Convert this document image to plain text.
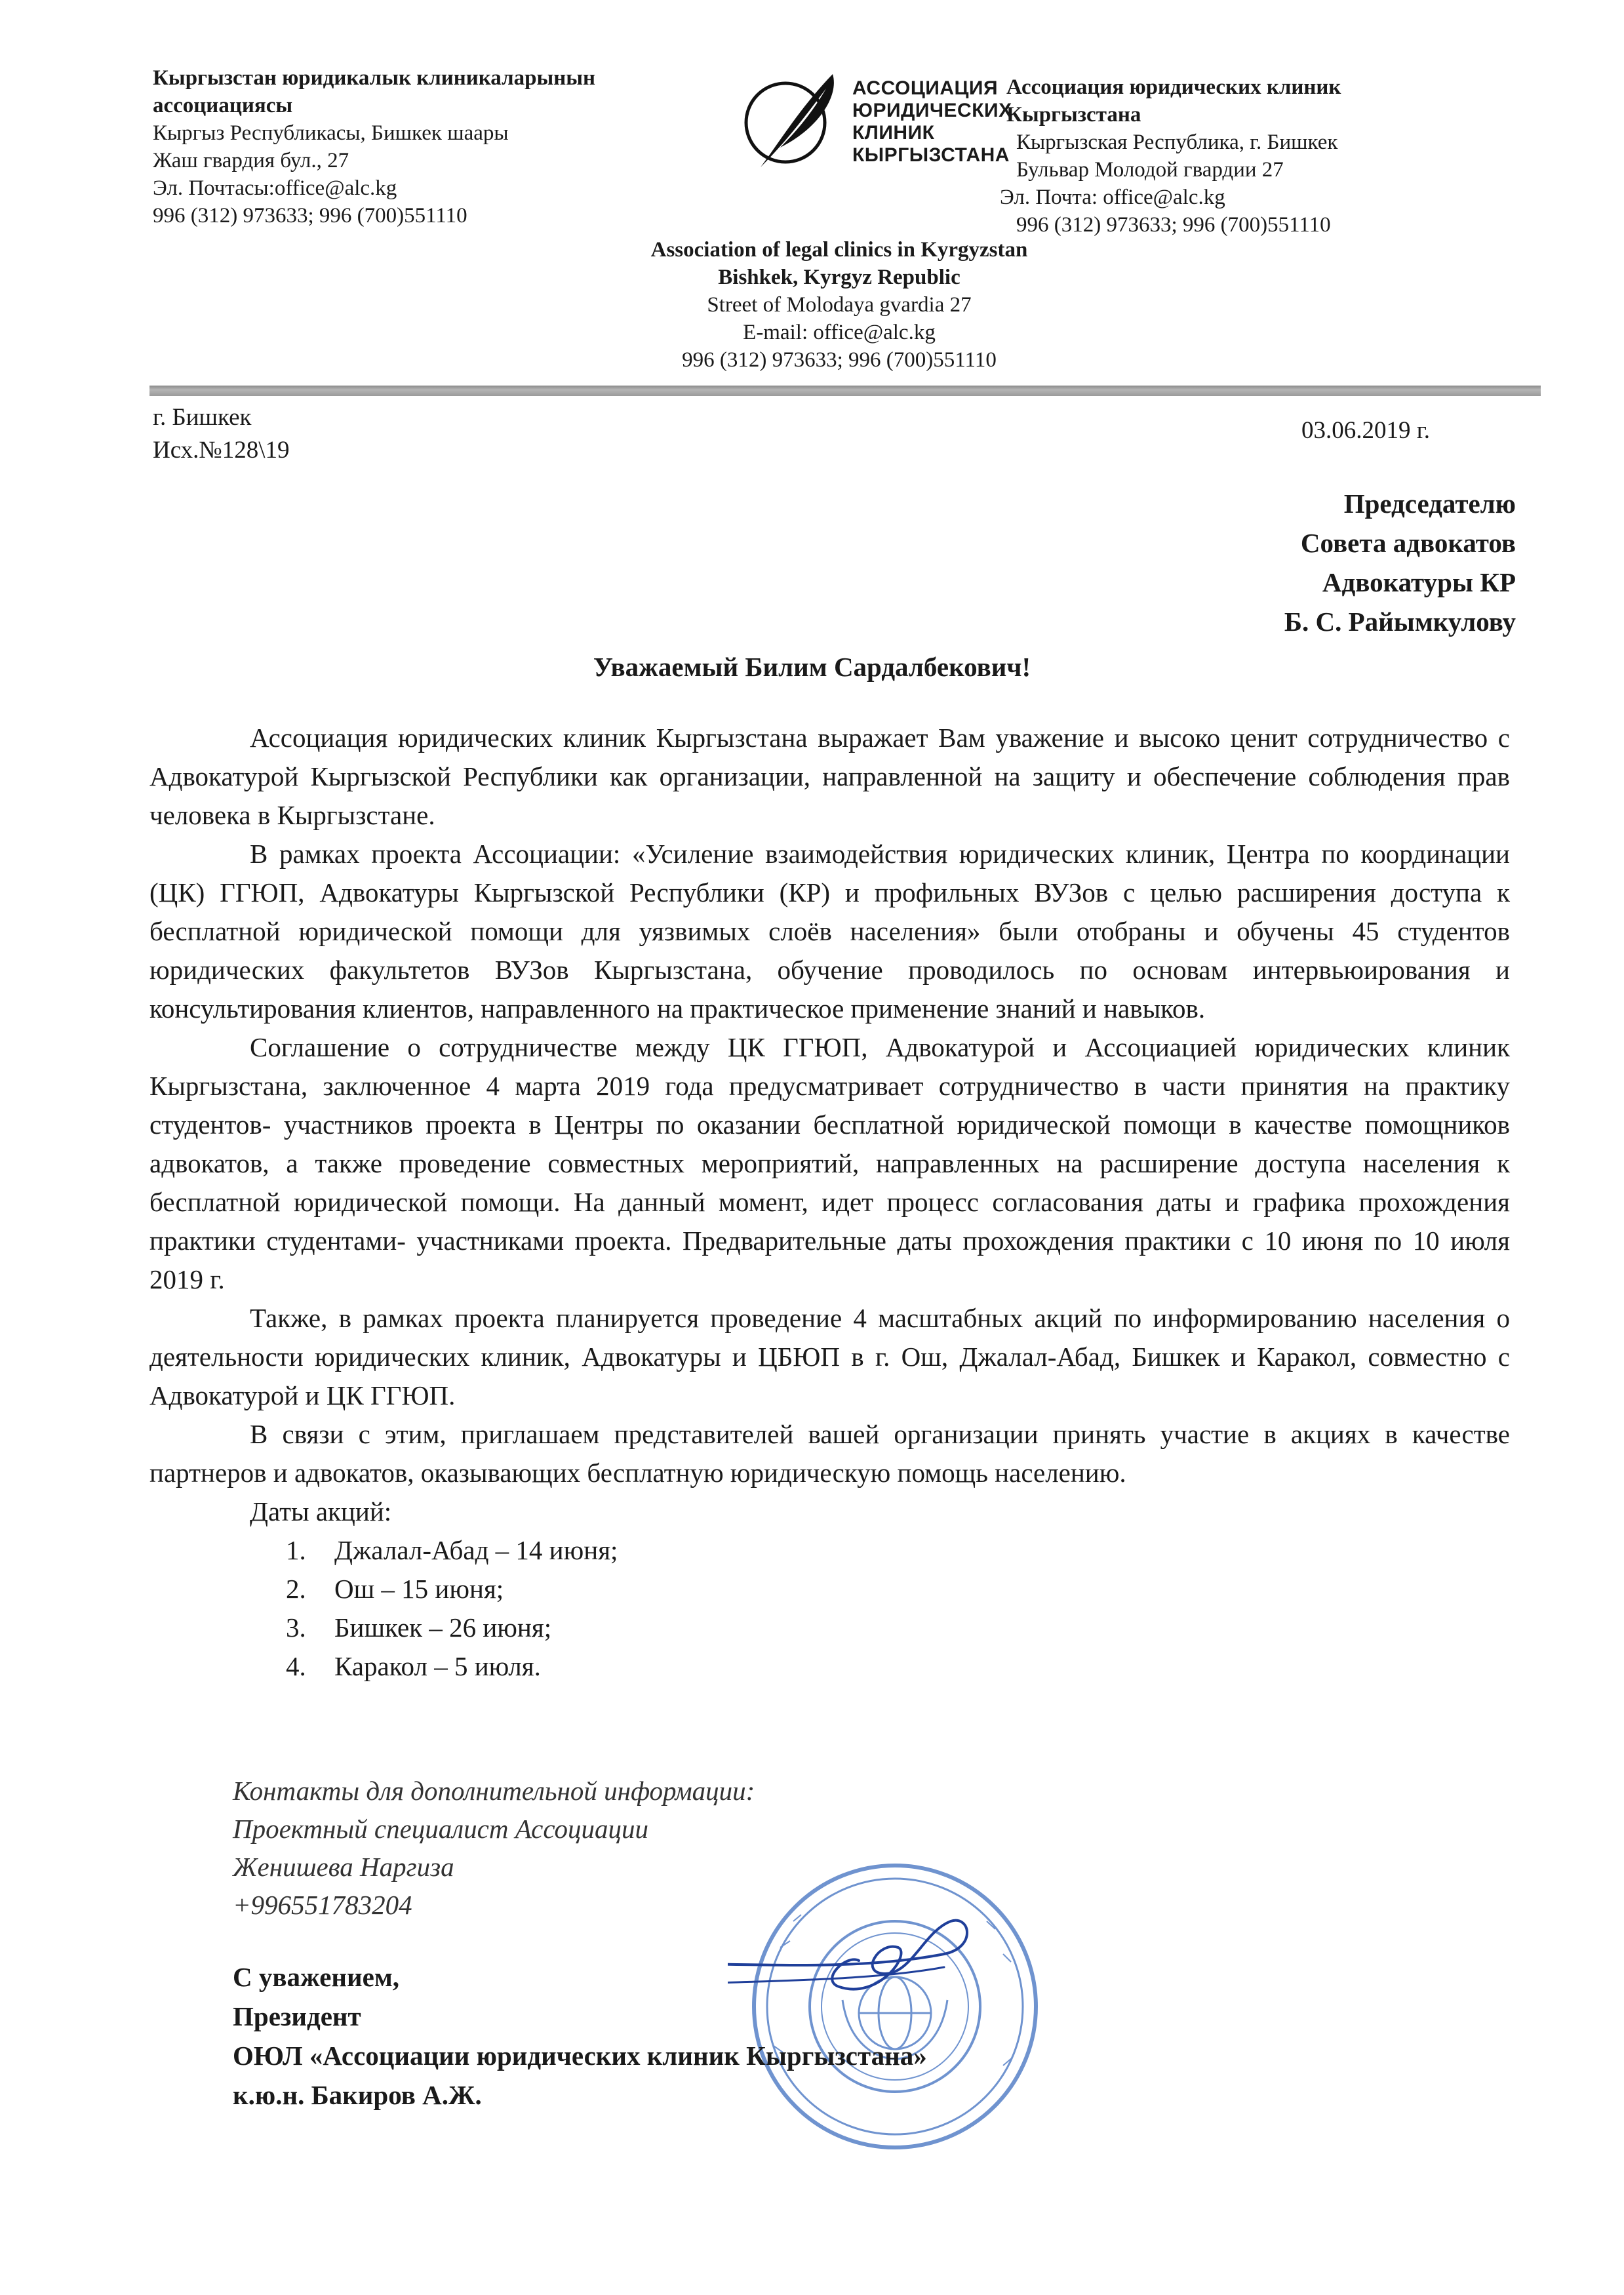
Кыргызстан юридикалык клиникаларынын
ассоциациясы
Кыргыз Республикасы, Бишкек шаары
Жаш гвардия бул., 27
Эл. Почтасы:office@alc.kg
996 (312) 973633; 996 (700)551110
АССОЦИАЦИЯ
ЮРИДИЧЕСКИХ
КЛИНИК
КЫРГЫЗСТАНА
Ассоциация юридических клиник
Кыргызстана
Кыргызская Республика, г. Бишкек
Бульвар Молодой гвардии 27
Эл. Почта: office@alc.kg
996 (312) 973633; 996 (700)551110
Association of legal clinics in Kyrgyzstan
Bishkek, Kyrgyz Republic
Street of Molodaya gvardia 27
E-mail: office@alc.kg
996 (312) 973633; 996 (700)551110
г. Бишкек
Исх.№128\19
03.06.2019 г.
Председателю
Совета адвокатов
Адвокатуры КР
Б. С. Райымкулову
Уважаемый Билим Сардалбекович!

Ассоциация юридических клиник Кыргызстана выражает Вам уважение и высоко ценит сотрудничество с Адвокатурой Кыргызской Республики как организации, направленной на защиту и обеспечение соблюдения прав человека в Кыргызстане.

В рамках проекта Ассоциации: «Усиление взаимодействия юридических клиник, Центра по координации (ЦК) ГГЮП, Адвокатуры Кыргызской Республики (КР) и профильных ВУЗов с целью расширения доступа к бесплатной юридической помощи для уязвимых слоёв населения» были отобраны и обучены 45 студентов юридических факультетов ВУЗов Кыргызстана, обучение проводилось по основам интервьюирования и консультирования клиентов, направленного на практическое применение знаний и навыков.

Соглашение о сотрудничестве между ЦК ГГЮП, Адвокатурой и Ассоциацией юридических клиник Кыргызстана, заключенное 4 марта 2019 года предусматривает сотрудничество в части принятия на практику студентов- участников проекта в Центры по оказании бесплатной юридической помощи в качестве помощников адвокатов, а также проведение совместных мероприятий, направленных на расширение доступа населения к бесплатной юридической помощи. На данный момент, идет процесс согласования даты и графика прохождения практики студентами- участниками проекта. Предварительные даты прохождения практики с 10 июня по 10 июля 2019 г.

Также, в рамках проекта планируется проведение 4 масштабных акций по информированию населения о деятельности юридических клиник, Адвокатуры и ЦБЮП в г. Ош, Джалал-Абад, Бишкек и Каракол, совместно с Адвокатурой и ЦК ГГЮП.

В связи с этим, приглашаем представителей вашей организации принять участие в акциях в качестве партнеров и адвокатов, оказывающих бесплатную юридическую помощь населению.

Даты акций:

1. Джалал-Абад – 14 июня;
2. Ош – 15 июня;
3. Бишкек – 26 июня;
4. Каракол – 5 июля.
Контакты для дополнительной информации:
Проектный специалист Ассоциации
Женишева Наргиза
+996551783204
С уважением,
Президент
ОЮЛ «Ассоциации юридических клиник Кыргызстана»
к.ю.н. Бакиров А.Ж.
